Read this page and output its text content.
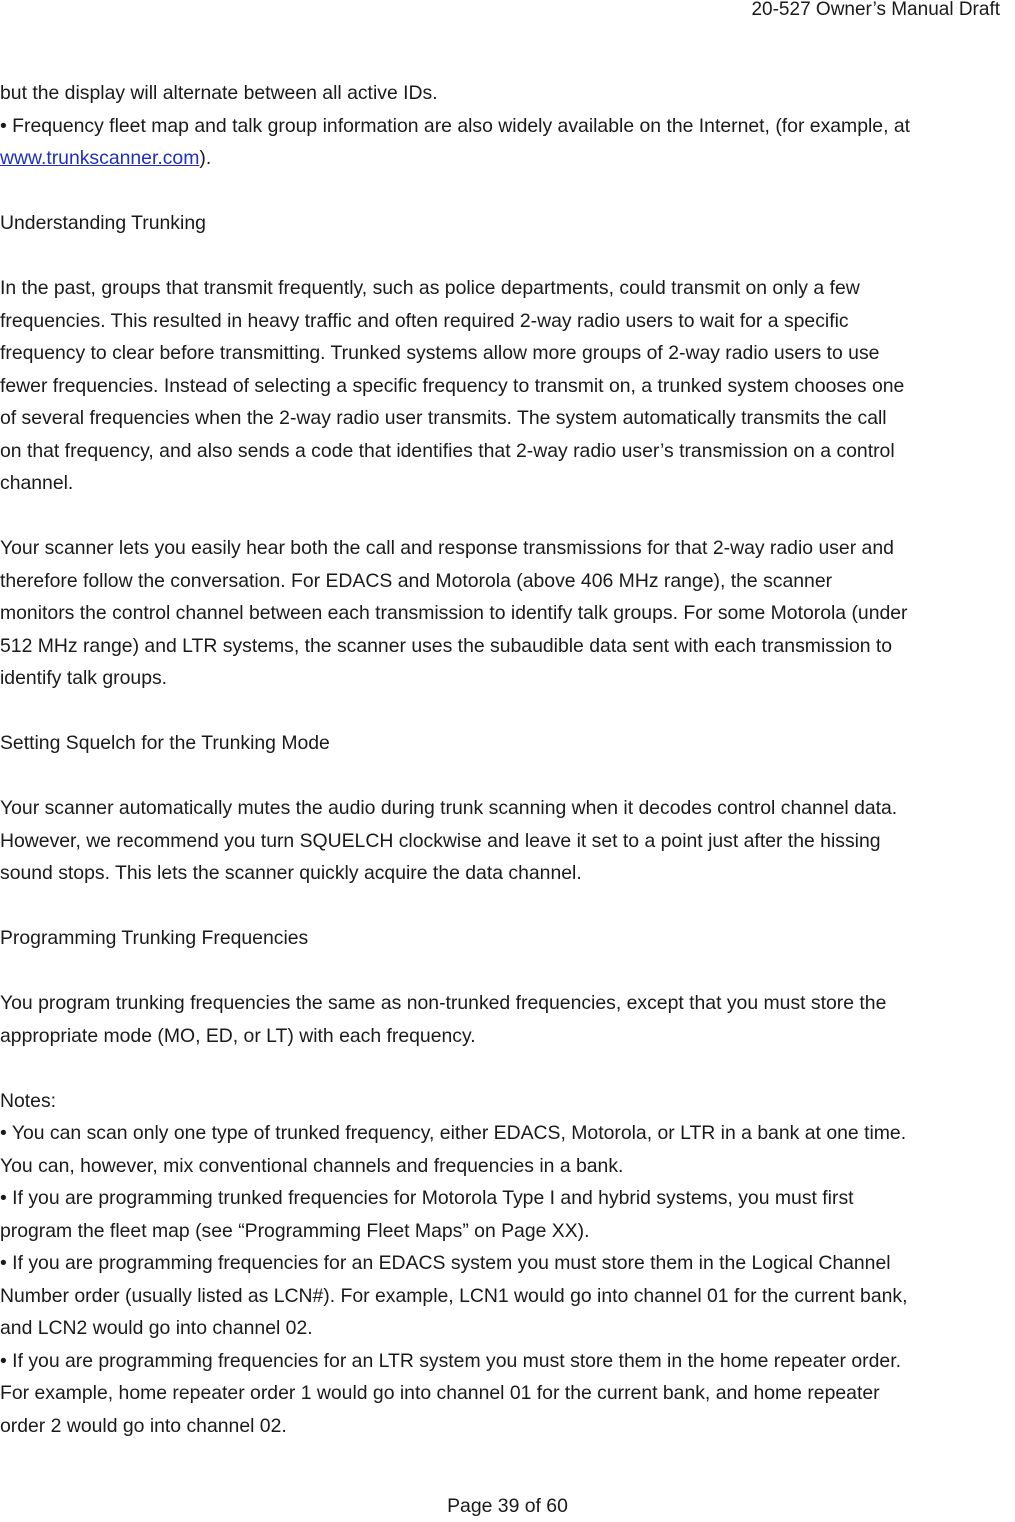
20-527 Owner’s Manual Draft

but the display will alternate between all active IDs.

• Frequency fleet map and talk group information are also widely available on the Internet, (for example, at

www.trunkscanner.com).

Understanding Trunking

In the past, groups that transmit frequently, such as police departments, could transmit on only a few

frequencies. This resulted in heavy traffic and often required 2-way radio users to wait for a specific

frequency to clear before transmitting. Trunked systems allow more groups of 2-way radio users to use

fewer frequencies. Instead of selecting a specific frequency to transmit on, a trunked system chooses one

of several frequencies when the 2-way radio user transmits. The system automatically transmits the call

on that frequency, and also sends a code that identifies that 2-way radio user’s transmission on a control

channel.

Your scanner lets you easily hear both the call and response transmissions for that 2-way radio user and

therefore follow the conversation. For EDACS and Motorola (above 406 MHz range), the scanner

monitors the control channel between each transmission to identify talk groups. For some Motorola (under

512 MHz range) and LTR systems, the scanner uses the subaudible data sent with each transmission to

identify talk groups.

Setting Squelch for the Trunking Mode

Your scanner automatically mutes the audio during trunk scanning when it decodes control channel data.

However, we recommend you turn SQUELCH clockwise and leave it set to a point just after the hissing

sound stops. This lets the scanner quickly acquire the data channel.

Programming Trunking Frequencies

You program trunking frequencies the same as non-trunked frequencies, except that you must store the

appropriate mode (MO, ED, or LT) with each frequency.

Notes:

• You can scan only one type of trunked frequency, either EDACS, Motorola, or LTR in a bank at one time.

You can, however, mix conventional channels and frequencies in a bank.

• If you are programming trunked frequencies for Motorola Type I and hybrid systems, you must first

program the fleet map (see “Programming Fleet Maps” on Page XX).

• If you are programming frequencies for an EDACS system you must store them in the Logical Channel

Number order (usually listed as LCN#). For example, LCN1 would go into channel 01 for the current bank,

and LCN2 would go into channel 02.

• If you are programming frequencies for an LTR system you must store them in the home repeater order.

For example, home repeater order 1 would go into channel 01 for the current bank, and home repeater

order 2 would go into channel 02.

Page 39 of 60
